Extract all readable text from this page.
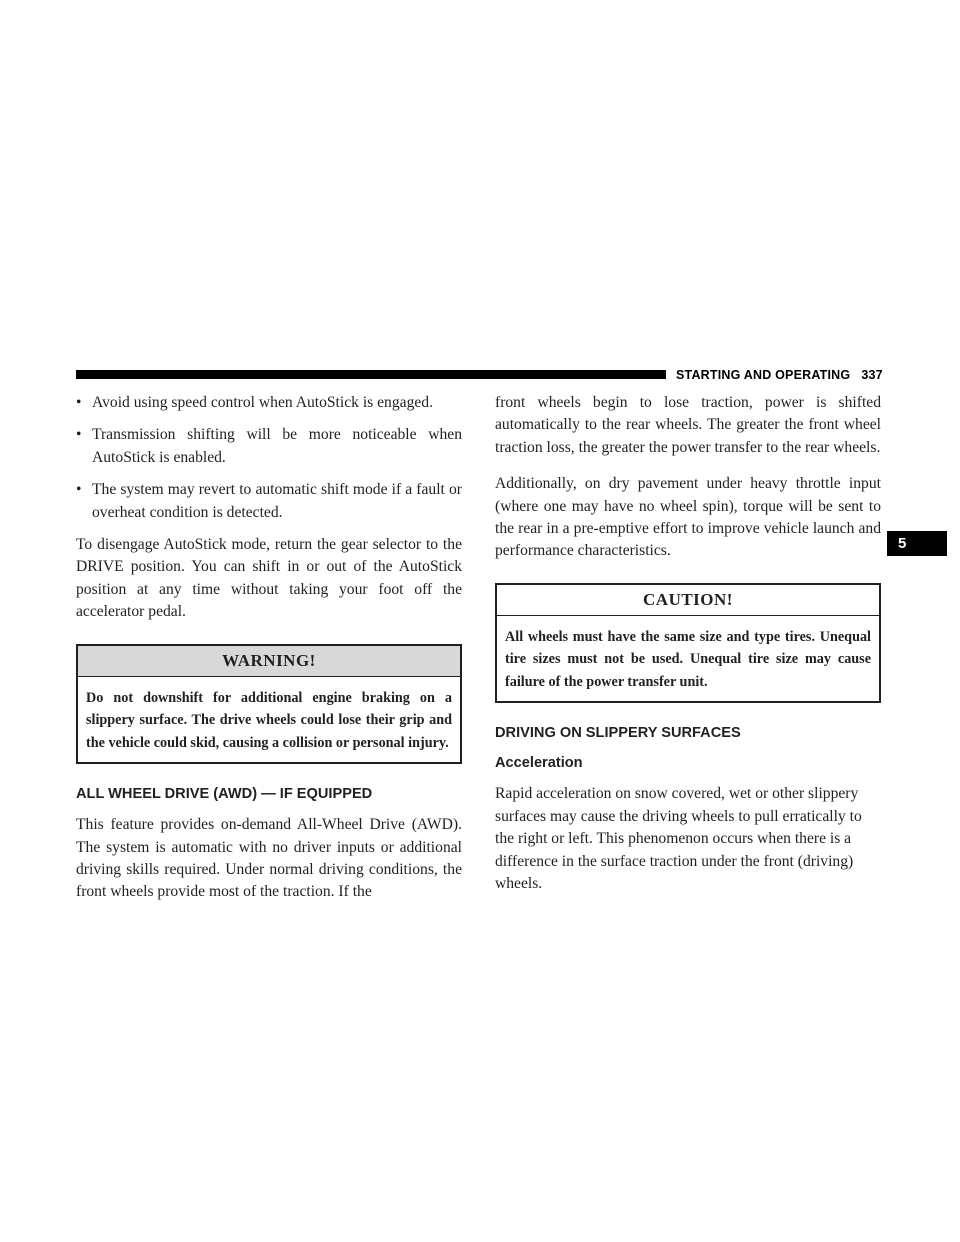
STARTING AND OPERATING 337
5
• Avoid using speed control when AutoStick is engaged.
• Transmission shifting will be more noticeable when AutoStick is enabled.
• The system may revert to automatic shift mode if a fault or overheat condition is detected.

To disengage AutoStick mode, return the gear selector to the DRIVE position. You can shift in or out of the AutoStick position at any time without taking your foot off the accelerator pedal.

WARNING!
Do not downshift for additional engine braking on a slippery surface. The drive wheels could lose their grip and the vehicle could skid, causing a collision or personal injury.
ALL WHEEL DRIVE (AWD) — IF EQUIPPED

This feature provides on-demand All-Wheel Drive (AWD). The system is automatic with no driver inputs or additional driving skills required. Under normal driving conditions, the front wheels provide most of the traction. If the

front wheels begin to lose traction, power is shifted automatically to the rear wheels. The greater the front wheel traction loss, the greater the power transfer to the rear wheels.

Additionally, on dry pavement under heavy throttle input (where one may have no wheel spin), torque will be sent to the rear in a pre-emptive effort to improve vehicle launch and performance characteristics.

CAUTION!
All wheels must have the same size and type tires. Unequal tire sizes must not be used. Unequal tire size may cause failure of the power transfer unit.
DRIVING ON SLIPPERY SURFACES
Acceleration

Rapid acceleration on snow covered, wet or other slippery surfaces may cause the driving wheels to pull erratically to the right or left. This phenomenon occurs when there is a difference in the surface traction under the front (driving) wheels.
